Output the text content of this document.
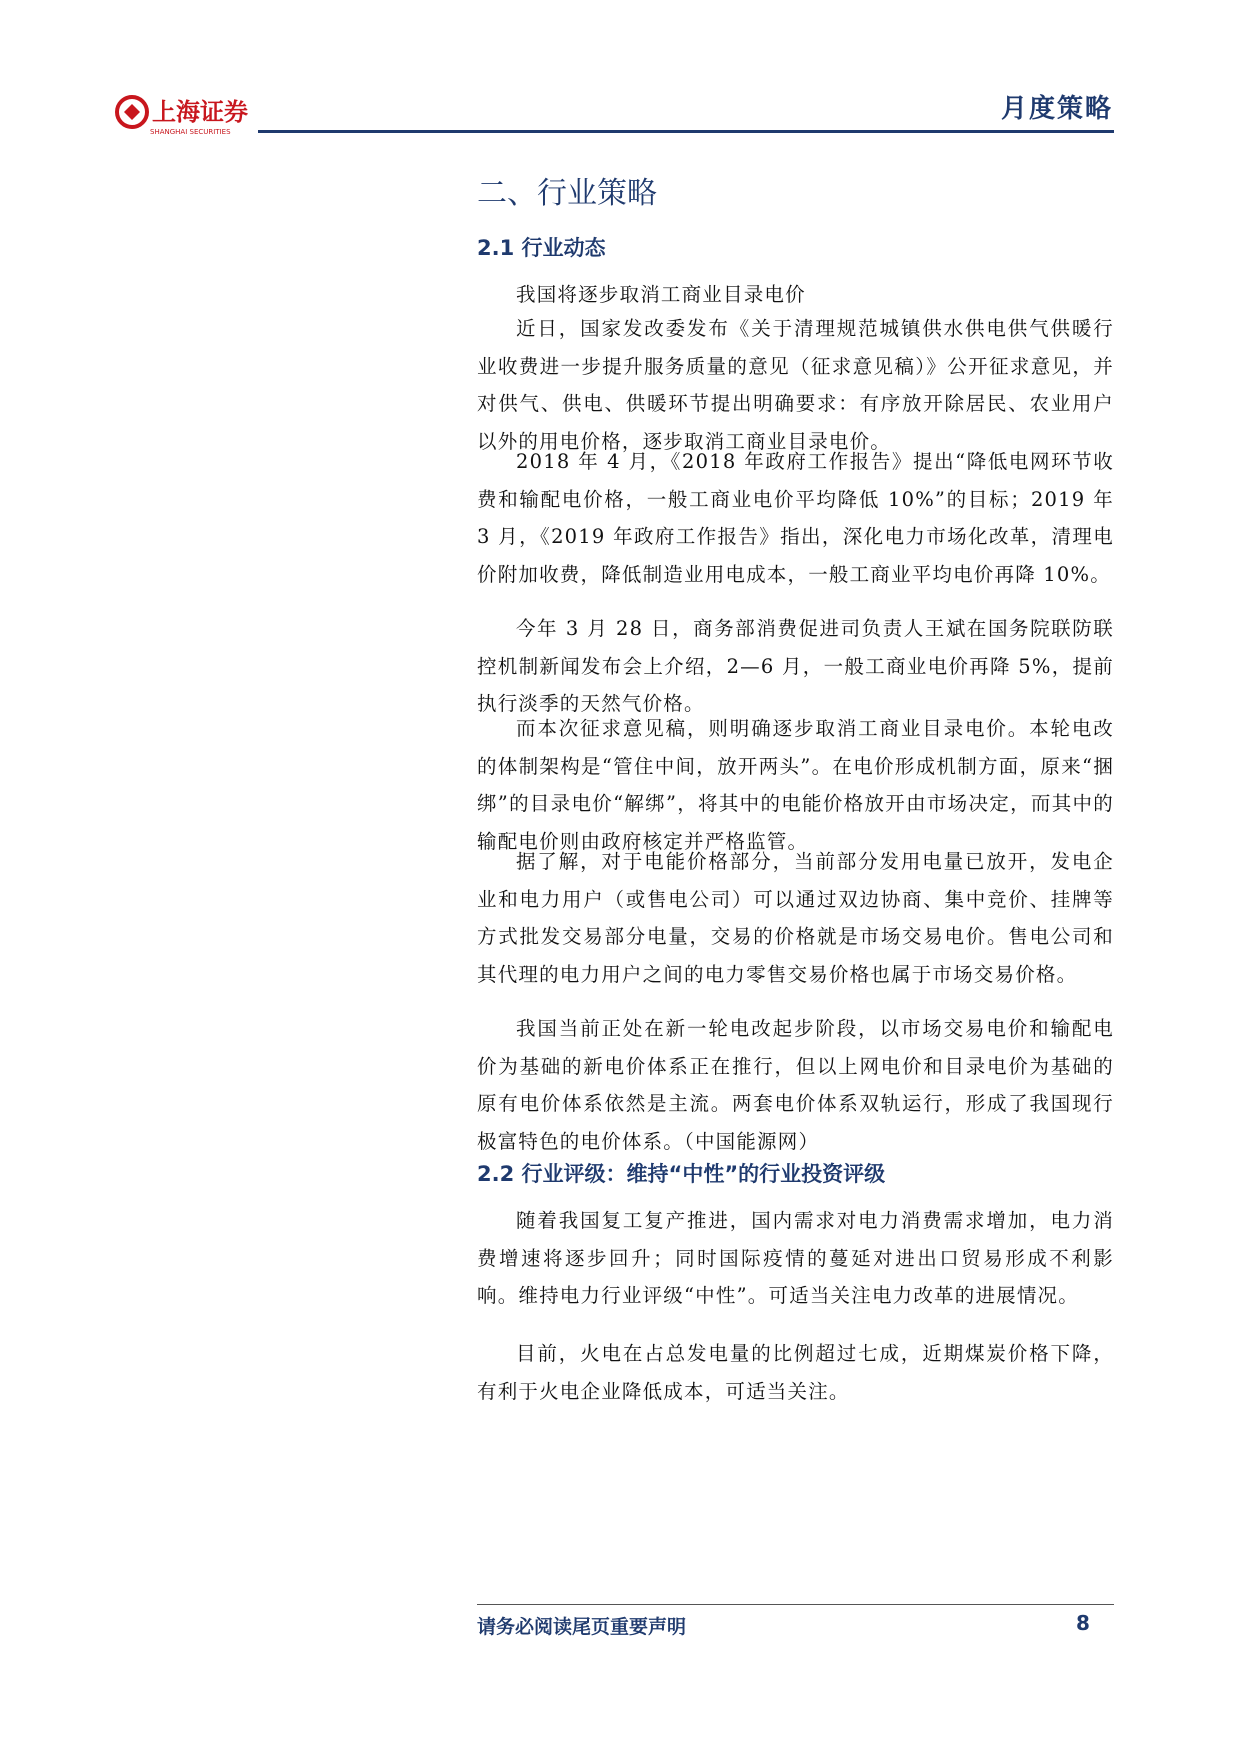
上海证券
SHANGHAI SECURITIES
月度策略
二、行业策略
2.1 行业动态
我国将逐步取消工商业目录电价
近日，国家发改委发布《关于清理规范城镇供水供电供气供暖行业收费进一步提升服务质量的意见（征求意见稿）》公开征求意见，并对供气、供电、供暖环节提出明确要求：有序放开除居民、农业用户以外的用电价格，逐步取消工商业目录电价。
2018 年 4 月，《2018 年政府工作报告》提出“降低电网环节收费和输配电价格，一般工商业电价平均降低 10%”的目标；2019 年 3 月，《2019 年政府工作报告》指出，深化电力市场化改革，清理电价附加收费，降低制造业用电成本，一般工商业平均电价再降 10%。
今年 3 月 28 日，商务部消费促进司负责人王斌在国务院联防联控机制新闻发布会上介绍，2—6 月，一般工商业电价再降 5%，提前执行淡季的天然气价格。
而本次征求意见稿，则明确逐步取消工商业目录电价。本轮电改的体制架构是“管住中间，放开两头”。在电价形成机制方面，原来“捆绑”的目录电价“解绑”，将其中的电能价格放开由市场决定，而其中的输配电价则由政府核定并严格监管。
据了解，对于电能价格部分，当前部分发用电量已放开，发电企业和电力用户（或售电公司）可以通过双边协商、集中竞价、挂牌等方式批发交易部分电量，交易的价格就是市场交易电价。售电公司和其代理的电力用户之间的电力零售交易价格也属于市场交易价格。
我国当前正处在新一轮电改起步阶段，以市场交易电价和输配电价为基础的新电价体系正在推行，但以上网电价和目录电价为基础的原有电价体系依然是主流。两套电价体系双轨运行，形成了我国现行极富特色的电价体系。（中国能源网）
2.2 行业评级：维持“中性”的行业投资评级
随着我国复工复产推进，国内需求对电力消费需求增加，电力消费增速将逐步回升；同时国际疫情的蔓延对进出口贸易形成不利影响。维持电力行业评级“中性”。可适当关注电力改革的进展情况。
目前，火电在占总发电量的比例超过七成，近期煤炭价格下降，有利于火电企业降低成本，可适当关注。
请务必阅读尾页重要声明	8
